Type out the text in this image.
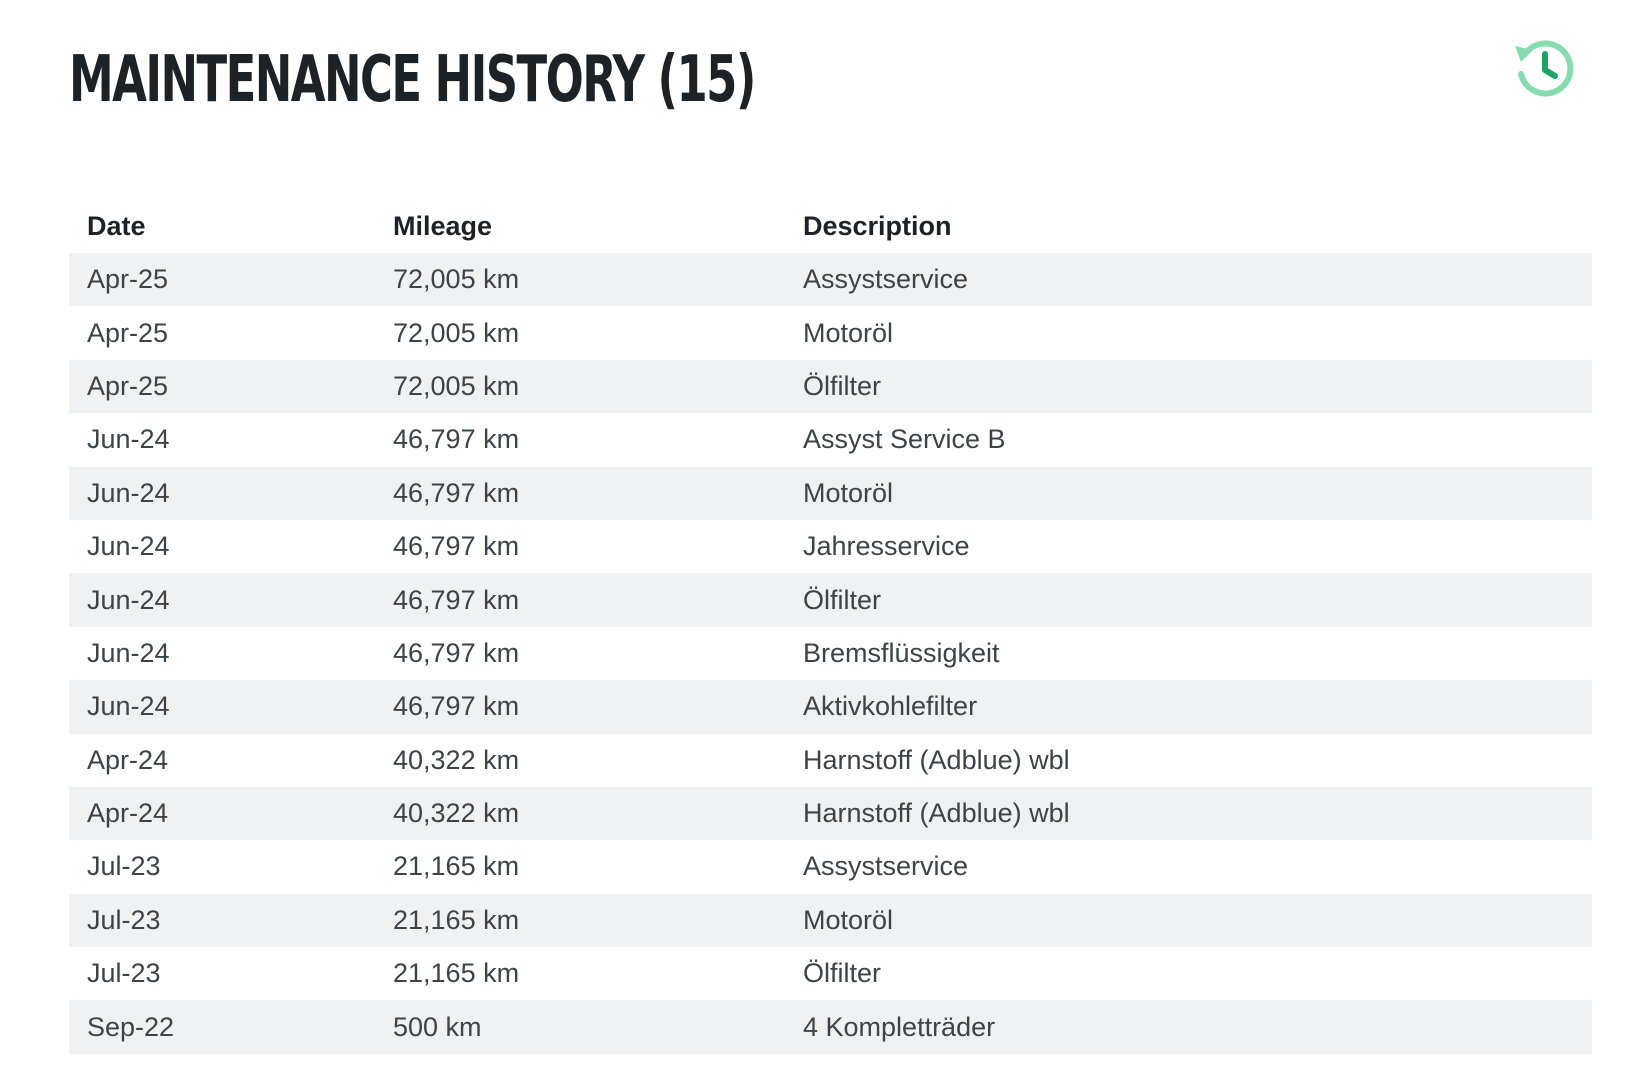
MAINTENANCE HISTORY (15)
Date	Mileage	Description
Apr-25	72,005 km	Assystservice
Apr-25	72,005 km	Motoröl
Apr-25	72,005 km	Ölfilter
Jun-24	46,797 km	Assyst Service B
Jun-24	46,797 km	Motoröl
Jun-24	46,797 km	Jahresservice
Jun-24	46,797 km	Ölfilter
Jun-24	46,797 km	Bremsflüssigkeit
Jun-24	46,797 km	Aktivkohlefilter
Apr-24	40,322 km	Harnstoff (Adblue) wbl
Apr-24	40,322 km	Harnstoff (Adblue) wbl
Jul-23	21,165 km	Assystservice
Jul-23	21,165 km	Motoröl
Jul-23	21,165 km	Ölfilter
Sep-22	500 km	4 Kompletträder
